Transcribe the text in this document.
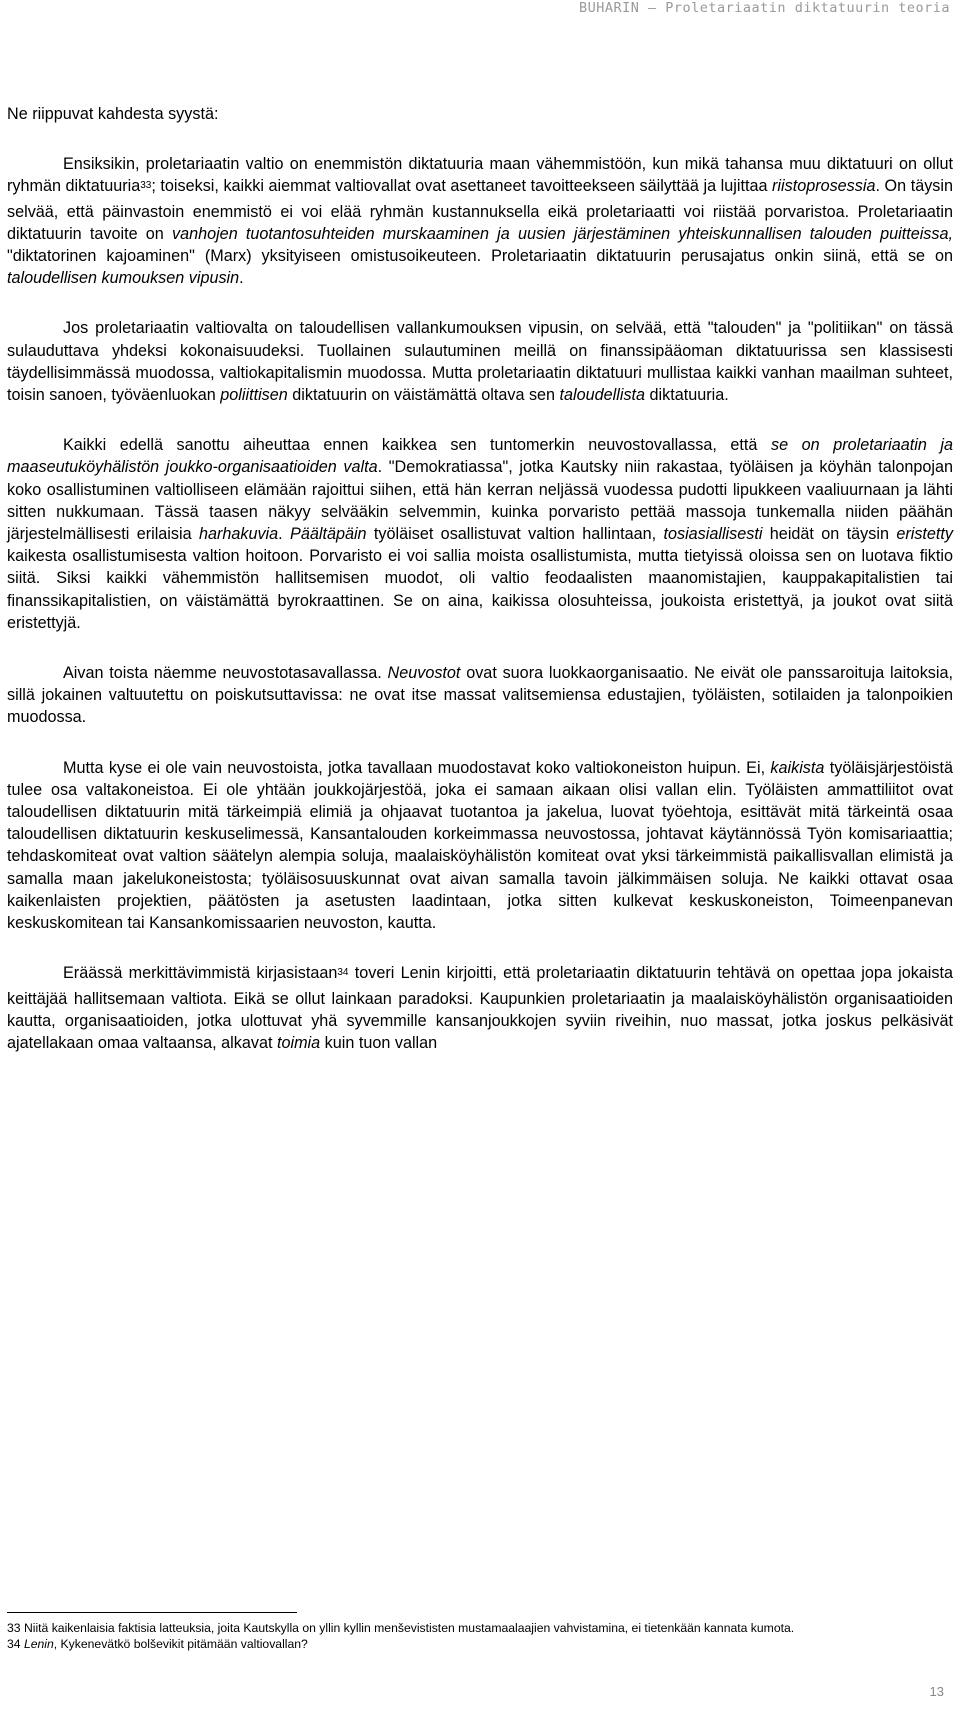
BUHARIN – Proletariaatin diktatuurin teoria

Ne riippuvat kahdesta syystä:

Ensiksikin, proletariaatin valtio on enemmistön diktatuuria maan vähemmistöön, kun mikä tahansa muu diktatuuri on ollut ryhmän diktatuuria$^{33}$; toiseksi, kaikki aiemmat valtiovallat ovat asettaneet tavoitteekseen säilyttää ja lujittaa riistoprosessia. On täysin selvää, että päinvastoin enemmistö ei voi elää ryhmän kustannuksella eikä proletariaatti voi riistää porvaristoa. Proletariaatin diktatuurin tavoite on vanhojen tuotantosuhteiden murskaaminen ja uusien järjestäminen yhteiskunnallisen talouden puitteissa, "diktatorinen kajoaminen" (Marx) yksityiseen omistusoikeuteen. Proletariaatin diktatuurin perusajatus onkin siinä, että se on taloudellisen kumouksen vipusin.

Jos proletariaatin valtiovalta on taloudellisen vallankumouksen vipusin, on selvää, että "talouden" ja "politiikan" on tässä sulauduttava yhdeksi kokonaisuudeksi. Tuollainen sulautuminen meillä on finanssipääoman diktatuurissa sen klassisesti täydellisimmässä muodossa, valtiokapitalismin muodossa. Mutta proletariaatin diktatuuri mullistaa kaikki vanhan maailman suhteet, toisin sanoen, työväenluokan poliittisen diktatuurin on väistämättä oltava sen taloudellista diktatuuria.

Kaikki edellä sanottu aiheuttaa ennen kaikkea sen tuntomerkin neuvostovallassa, että se on proletariaatin ja maaseutuköyhälistön joukko-organisaatioiden valta. "Demokratiassa", jotka Kautsky niin rakastaa, työläisen ja köyhän talonpojan koko osallistuminen valtiolliseen elämään rajoittui siihen, että hän kerran neljässä vuodessa pudotti lipukkeen vaaliuurnaan ja lähti sitten nukkumaan. Tässä taasen näkyy selvääkin selvemmin, kuinka porvaristo pettää massoja tunkemalla niiden päähän järjestelmällisesti erilaisia harhakuvia. Päältäpäin työläiset osallistuvat valtion hallintaan, tosiasiallisesti heidät on täysin eristetty kaikesta osallistumisesta valtion hoitoon. Porvaristo ei voi sallia moista osallistumista, mutta tietyissä oloissa sen on luotava fiktio siitä. Siksi kaikki vähemmistön hallitsemisen muodot, oli valtio feodaalisten maanomistajien, kauppakapitalistien tai finanssikapitalistien, on väistämättä byrokraattinen. Se on aina, kaikissa olosuhteissa, joukoista eristettyä, ja joukot ovat siitä eristettyjä.

Aivan toista näemme neuvostotasavallassa. Neuvostot ovat suora luokkaorganisaatio. Ne eivät ole panssaroituja laitoksia, sillä jokainen valtuutettu on poiskutsuttavissa: ne ovat itse massat valitsemiensa edustajien, työläisten, sotilaiden ja talonpoikien muodossa.

Mutta kyse ei ole vain neuvostoista, jotka tavallaan muodostavat koko valtiokoneiston huipun. Ei, kaikista työläisjärjestöistä tulee osa valtakoneistoa. Ei ole yhtään joukkojärjestöä, joka ei samaan aikaan olisi vallan elin. Työläisten ammattiliitot ovat taloudellisen diktatuurin mitä tärkeimpiä elimiä ja ohjaavat tuotantoa ja jakelua, luovat työehtoja, esittävät mitä tärkeintä osaa taloudellisen diktatuurin keskuselimessä, Kansantalouden korkeimmassa neuvostossa, johtavat käytännössä Työn komisariaattia; tehdaskomiteat ovat valtion säätelyn alempia soluja, maalaisköyhälistön komiteat ovat yksi tärkeimmistä paikallisvallan elimistä ja samalla maan jakelukoneistosta; työläisosuuskunnat ovat aivan samalla tavoin jälkimmäisen soluja. Ne kaikki ottavat osaa kaikenlaisten projektien, päätösten ja asetusten laadintaan, jotka sitten kulkevat keskuskoneiston, Toimeenpanevan keskuskomitean tai Kansankomissaarien neuvoston, kautta.

Eräässä merkittävimmistä kirjasistaan$^{34}$ toveri Lenin kirjoitti, että proletariaatin diktatuurin tehtävä on opettaa jopa jokaista keittäjää hallitsemaan valtiota. Eikä se ollut lainkaan paradoksi. Kaupunkien proletariaatin ja maalaisköyhälistön organisaatioiden kautta, organisaatioiden, jotka ulottuvat yhä syvemmille kansanjoukkojen syviin riveihin, nuo massat, jotka joskus pelkäsivät ajatellakaan omaa valtaansa, alkavat toimia kuin tuon vallan

33 Niitä kaikenlaisia faktisia latteuksia, joita Kautskylla on yllin kyllin menševististen mustamaalaajien vahvistamina, ei tietenkään kannata kumota.

34 Lenin, Kykenevätkö bolševikit pitämään valtiovallan?

13
